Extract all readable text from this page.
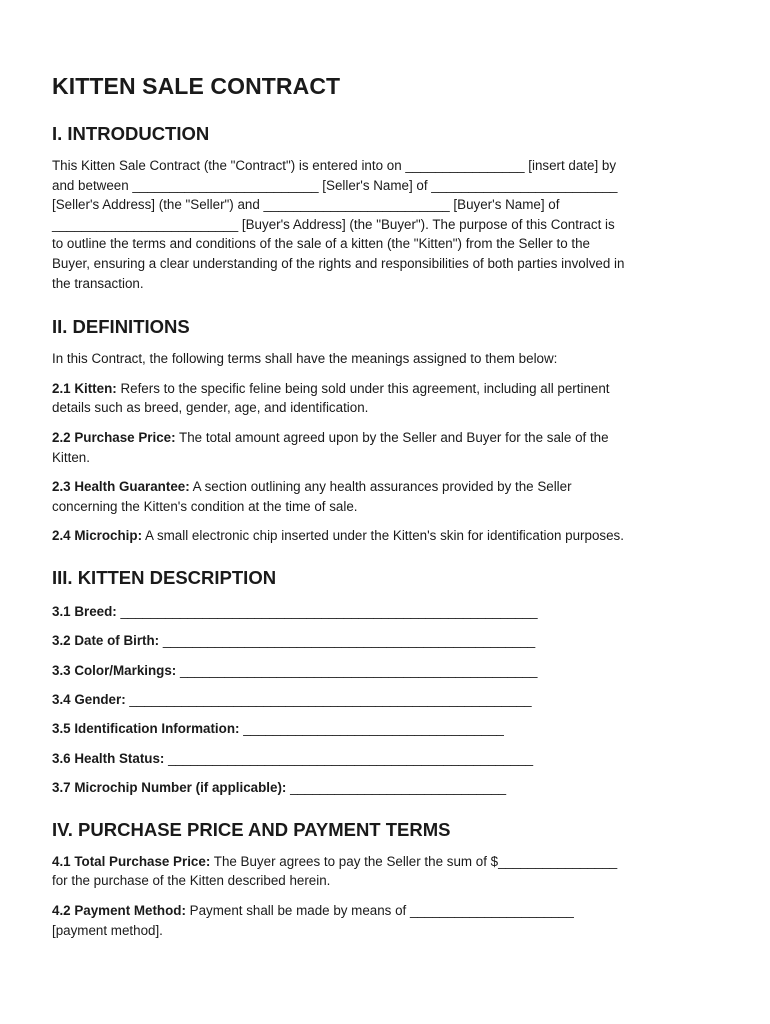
KITTEN SALE CONTRACT
I. INTRODUCTION

This Kitten Sale Contract (the "Contract") is entered into on ________________ [insert date] by
and between _________________________ [Seller's Name] of _________________________
[Seller's Address] (the "Seller") and _________________________ [Buyer's Name] of
_________________________ [Buyer's Address] (the "Buyer"). The purpose of this Contract is
to outline the terms and conditions of the sale of a kitten (the "Kitten") from the Seller to the
Buyer, ensuring a clear understanding of the rights and responsibilities of both parties involved in
the transaction.

II. DEFINITIONS

In this Contract, the following terms shall have the meanings assigned to them below:

2.1 Kitten: Refers to the specific feline being sold under this agreement, including all pertinent
details such as breed, gender, age, and identification.

2.2 Purchase Price: The total amount agreed upon by the Seller and Buyer for the sale of the
Kitten.

2.3 Health Guarantee: A section outlining any health assurances provided by the Seller
concerning the Kitten's condition at the time of sale.

2.4 Microchip: A small electronic chip inserted under the Kitten's skin for identification purposes.

III. KITTEN DESCRIPTION

3.1 Breed: ________________________________________________________

3.2 Date of Birth: __________________________________________________

3.3 Color/Markings: ________________________________________________

3.4 Gender: ______________________________________________________

3.5 Identification Information: ___________________________________

3.6 Health Status: _________________________________________________

3.7 Microchip Number (if applicable): _____________________________

IV. PURCHASE PRICE AND PAYMENT TERMS

4.1 Total Purchase Price: The Buyer agrees to pay the Seller the sum of $________________
for the purchase of the Kitten described herein.

4.2 Payment Method: Payment shall be made by means of ______________________
[payment method].
